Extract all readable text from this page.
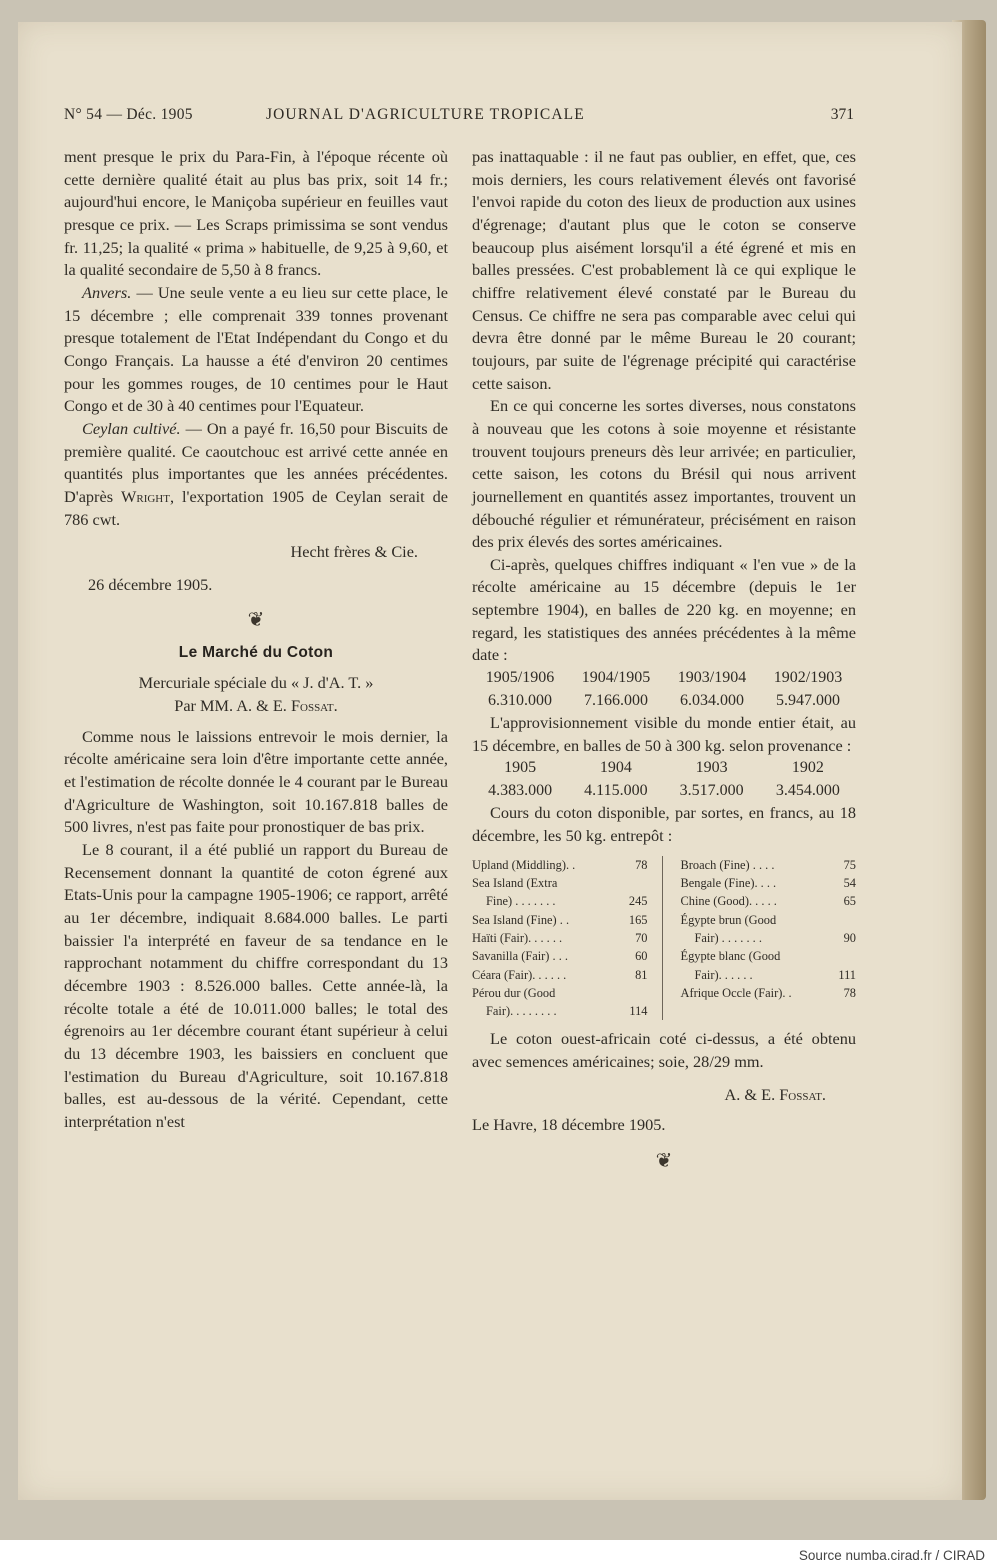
N° 54 — Déc. 1905	JOURNAL D'AGRICULTURE TROPICALE	371

ment presque le prix du Para-Fin, à l'époque récente où cette dernière qualité était au plus bas prix, soit 14 fr.; aujourd'hui encore, le Maniçoba supérieur en feuilles vaut presque ce prix. — Les Scraps primissima se sont vendus fr. 11,25; la qualité « prima » habituelle, de 9,25 à 9,60, et la qualité secondaire de 5,50 à 8 francs.

Anvers. — Une seule vente a eu lieu sur cette place, le 15 décembre ; elle comprenait 339 tonnes provenant presque totalement de l'Etat Indépendant du Congo et du Congo Français. La hausse a été d'environ 20 centimes pour les gommes rouges, de 10 centimes pour le Haut Congo et de 30 à 40 centimes pour l'Equateur.

Ceylan cultivé. — On a payé fr. 16,50 pour Biscuits de première qualité. Ce caoutchouc est arrivé cette année en quantités plus importantes que les années précédentes. D'après Wright, l'exportation 1905 de Ceylan serait de 786 cwt.

Hecht frères & Cie.

26 décembre 1905.

❦
Le Marché du Coton

Mercuriale spéciale du « J. d'A. T. »

Par MM. A. & E. Fossat.

Comme nous le laissions entrevoir le mois dernier, la récolte américaine sera loin d'être importante cette année, et l'estimation de récolte donnée le 4 courant par le Bureau d'Agriculture de Washington, soit 10.167.818 balles de 500 livres, n'est pas faite pour pronostiquer de bas prix.

Le 8 courant, il a été publié un rapport du Bureau de Recensement donnant la quantité de coton égrené aux Etats-Unis pour la campagne 1905-1906; ce rapport, arrêté au 1er décembre, indiquait 8.684.000 balles. Le parti baissier l'a interprété en faveur de sa tendance en le rapprochant notamment du chiffre correspondant du 13 décembre 1903 : 8.526.000 balles. Cette année-là, la récolte totale a été de 10.011.000 balles; le total des égrenoirs au 1er décembre courant étant supérieur à celui du 13 décembre 1903, les baissiers en concluent que l'estimation du Bureau d'Agriculture, soit 10.167.818 balles, est au-dessous de la vérité. Cependant, cette interprétation n'est

pas inattaquable : il ne faut pas oublier, en effet, que, ces mois derniers, les cours relativement élevés ont favorisé l'envoi rapide du coton des lieux de production aux usines d'égrenage; d'autant plus que le coton se conserve beaucoup plus aisément lorsqu'il a été égrené et mis en balles pressées. C'est probablement là ce qui explique le chiffre relativement élevé constaté par le Bureau du Census. Ce chiffre ne sera pas comparable avec celui qui devra être donné par le même Bureau le 20 courant; toujours, par suite de l'égrenage précipité qui caractérise cette saison.

En ce qui concerne les sortes diverses, nous constatons à nouveau que les cotons à soie moyenne et résistante trouvent toujours preneurs dès leur arrivée; en particulier, cette saison, les cotons du Brésil qui nous arrivent journellement en quantités assez importantes, trouvent un débouché régulier et rémunérateur, précisément en raison des prix élevés des sortes américaines.

Ci-après, quelques chiffres indiquant « l'en vue » de la récolte américaine au 15 décembre (depuis le 1er septembre 1904), en balles de 220 kg. en moyenne; en regard, les statistiques des années précédentes à la même date :

1905/1906	1904/1905	1903/1904	1902/1903
6.310.000	7.166.000	6.034.000	5.947.000

L'approvisionnement visible du monde entier était, au 15 décembre, en balles de 50 à 300 kg. selon provenance :

1905	1904	1903	1902
4.383.000	4.115.000	3.517.000	3.454.000

Cours du coton disponible, par sortes, en francs, au 18 décembre, les 50 kg. entrepôt :

Upland (Middling). .	78
Sea Island (Extra
Fine) . . . . . . .	245
Sea Island (Fine) . .	165
Haïti (Fair). . . . . .	70
Savanilla (Fair) . . .	60
Céara (Fair). . . . . .	81
Pérou dur (Good
Fair). . . . . . . .	114
Broach (Fine) . . . .	75
Bengale (Fine). . . .	54
Chine (Good). . . . .	65
Égypte brun (Good
Fair) . . . . . . .	90
Égypte blanc (Good
Fair). . . . . .	111
Afrique Occle (Fair). .	78

Le coton ouest-africain coté ci-dessus, a été obtenu avec semences américaines; soie, 28/29 mm.

A. & E. Fossat.

Le Havre, 18 décembre 1905.

❦
Source numba.cirad.fr / CIRAD
